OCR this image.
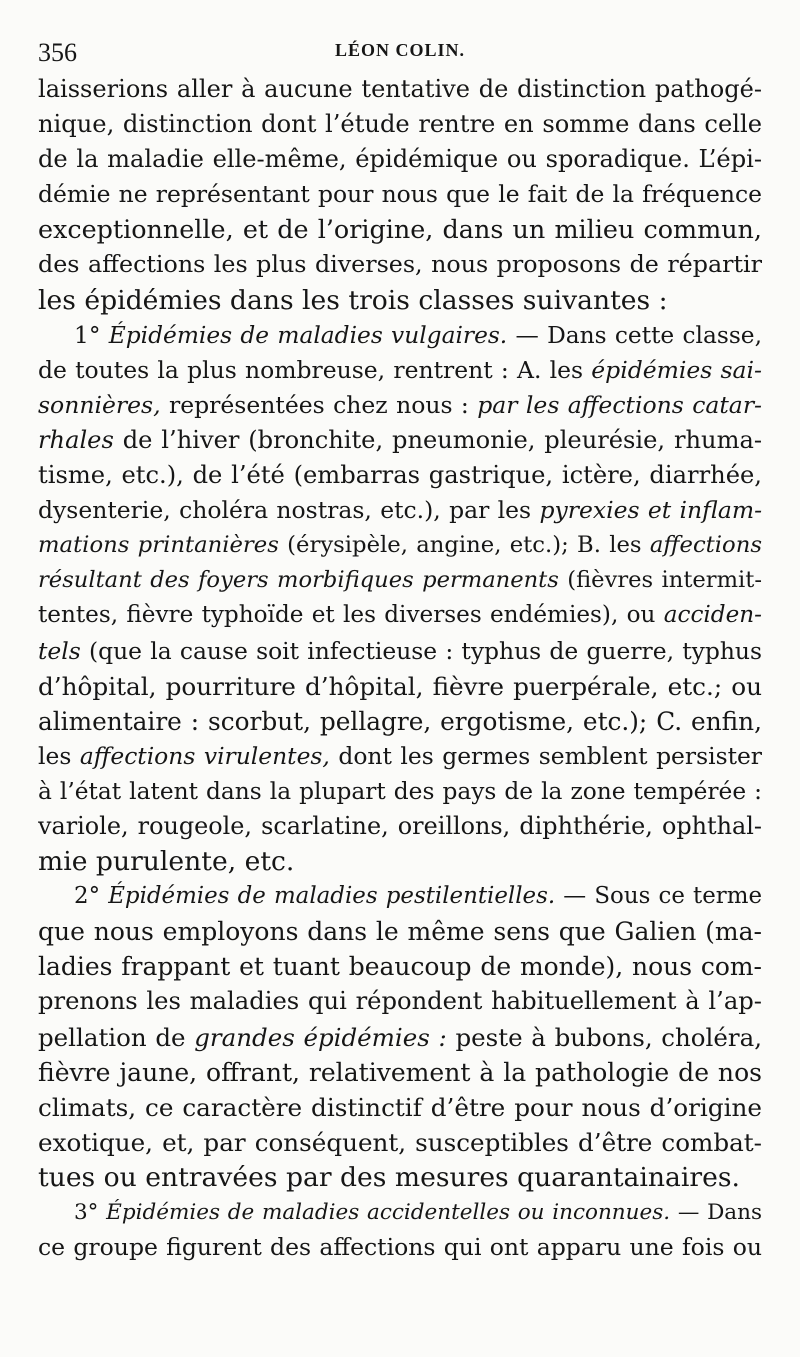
356	LÉON COLIN.
laisserions aller à aucune tentative de distinction pathogé-
nique, distinction dont l’étude rentre en somme dans celle
de la maladie elle-même, épidémique ou sporadique. L’épi-
démie ne représentant pour nous que le fait de la fréquence
exceptionnelle, et de l’origine, dans un milieu commun,
des affections les plus diverses, nous proposons de répartir
les épidémies dans les trois classes suivantes :
1° Épidémies de maladies vulgaires. — Dans cette classe,
de toutes la plus nombreuse, rentrent : A. les épidémies sai-
sonnières, représentées chez nous : par les affections catar-
rhales de l’hiver (bronchite, pneumonie, pleurésie, rhuma-
tisme, etc.), de l’été (embarras gastrique, ictère, diarrhée,
dysenterie, choléra nostras, etc.), par les pyrexies et inflam-
mations printanières (érysipèle, angine, etc.); B. les affections
résultant des foyers morbifiques permanents (fièvres intermit-
tentes, fièvre typhoïde et les diverses endémies), ou acciden-
tels (que la cause soit infectieuse : typhus de guerre, typhus
d’hôpital, pourriture d’hôpital, fièvre puerpérale, etc.; ou
alimentaire : scorbut, pellagre, ergotisme, etc.); C. enfin,
les affections virulentes, dont les germes semblent persister
à l’état latent dans la plupart des pays de la zone tempérée :
variole, rougeole, scarlatine, oreillons, diphthérie, ophthal-
mie purulente, etc.
2° Épidémies de maladies pestilentielles. — Sous ce terme
que nous employons dans le même sens que Galien (ma-
ladies frappant et tuant beaucoup de monde), nous com-
prenons les maladies qui répondent habituellement à l’ap-
pellation de grandes épidémies : peste à bubons, choléra,
fièvre jaune, offrant, relativement à la pathologie de nos
climats, ce caractère distinctif d’être pour nous d’origine
exotique, et, par conséquent, susceptibles d’être combat-
tues ou entravées par des mesures quarantainaires.
3° Épidémies de maladies accidentelles ou inconnues. — Dans
ce groupe figurent des affections qui ont apparu une fois ou
